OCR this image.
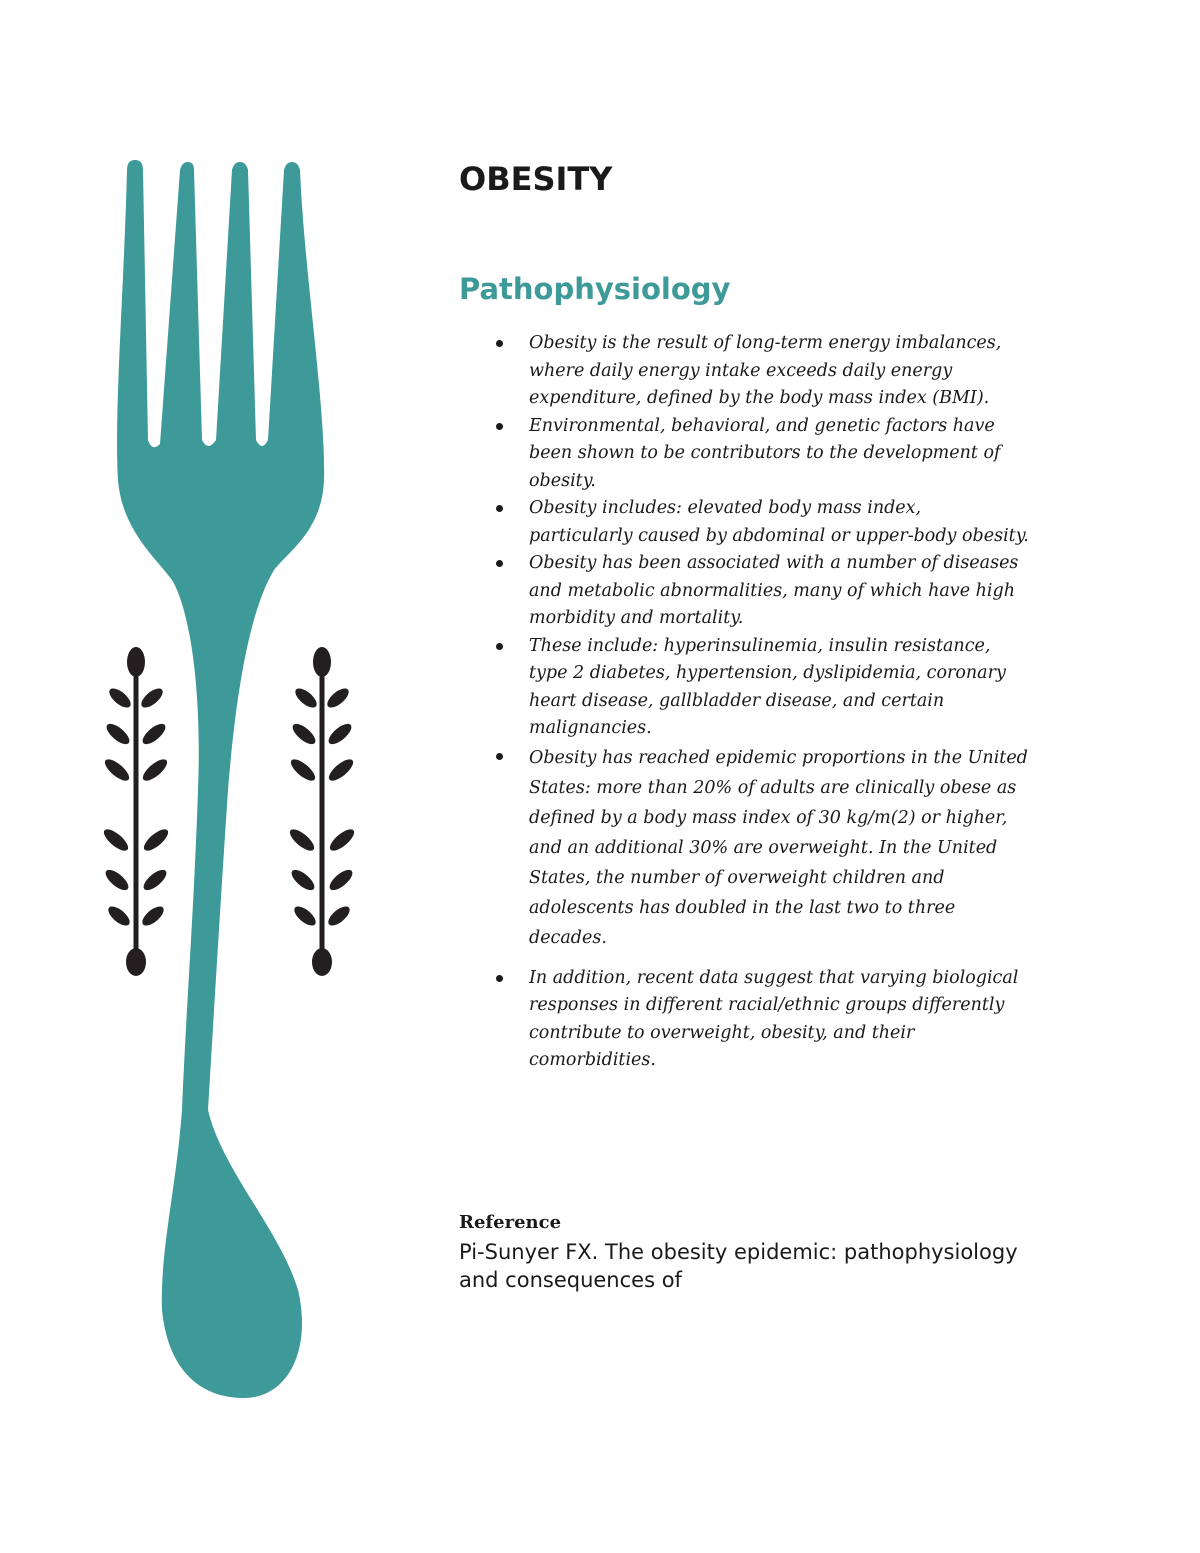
OBESITY
Pathophysiology
Obesity is the result of long-term energy imbalances, where daily energy intake exceeds daily energy expenditure, defined by the body mass index (BMI).
Environmental, behavioral, and genetic factors have been shown to be contributors to the development of obesity.
Obesity includes: elevated body mass index, particularly caused by abdominal or upper-body obesity.
Obesity has been associated with a number of diseases and metabolic abnormalities, many of which have high morbidity and mortality.
These include: hyperinsulinemia, insulin resistance, type 2 diabetes, hypertension, dyslipidemia, coronary heart disease, gallbladder disease, and certain malignancies.
Obesity has reached epidemic proportions in the United States: more than 20% of adults are clinically obese as defined by a body mass index of 30 kg/m(2) or higher, and an additional 30% are overweight. In the United States, the number of overweight children and adolescents has doubled in the last two to three decades.
In addition, recent data suggest that varying biological responses in different racial/ethnic groups differently contribute to overweight, obesity, and their comorbidities.

Reference

Pi-Sunyer FX. The obesity epidemic: pathophysiology    and consequences of
